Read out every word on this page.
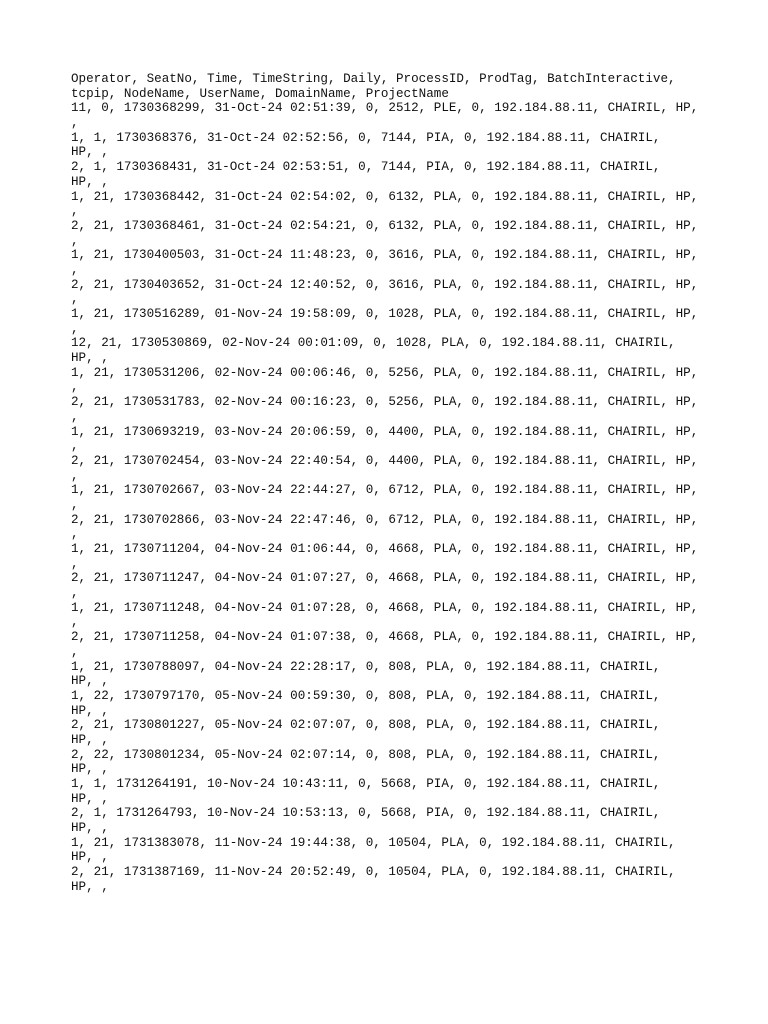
Operator, SeatNo, Time, TimeString, Daily, ProcessID, ProdTag, BatchInteractive,
tcpip, NodeName, UserName, DomainName, ProjectName
11, 0, 1730368299, 31-Oct-24 02:51:39, 0, 2512, PLE, 0, 192.184.88.11, CHAIRIL, HP,
,
1, 1, 1730368376, 31-Oct-24 02:52:56, 0, 7144, PIA, 0, 192.184.88.11, CHAIRIL,
HP, ,
2, 1, 1730368431, 31-Oct-24 02:53:51, 0, 7144, PIA, 0, 192.184.88.11, CHAIRIL,
HP, ,
1, 21, 1730368442, 31-Oct-24 02:54:02, 0, 6132, PLA, 0, 192.184.88.11, CHAIRIL, HP,
,
2, 21, 1730368461, 31-Oct-24 02:54:21, 0, 6132, PLA, 0, 192.184.88.11, CHAIRIL, HP,
,
1, 21, 1730400503, 31-Oct-24 11:48:23, 0, 3616, PLA, 0, 192.184.88.11, CHAIRIL, HP,
,
2, 21, 1730403652, 31-Oct-24 12:40:52, 0, 3616, PLA, 0, 192.184.88.11, CHAIRIL, HP,
,
1, 21, 1730516289, 01-Nov-24 19:58:09, 0, 1028, PLA, 0, 192.184.88.11, CHAIRIL, HP,
,
12, 21, 1730530869, 02-Nov-24 00:01:09, 0, 1028, PLA, 0, 192.184.88.11, CHAIRIL,
HP, ,
1, 21, 1730531206, 02-Nov-24 00:06:46, 0, 5256, PLA, 0, 192.184.88.11, CHAIRIL, HP,
,
2, 21, 1730531783, 02-Nov-24 00:16:23, 0, 5256, PLA, 0, 192.184.88.11, CHAIRIL, HP,
,
1, 21, 1730693219, 03-Nov-24 20:06:59, 0, 4400, PLA, 0, 192.184.88.11, CHAIRIL, HP,
,
2, 21, 1730702454, 03-Nov-24 22:40:54, 0, 4400, PLA, 0, 192.184.88.11, CHAIRIL, HP,
,
1, 21, 1730702667, 03-Nov-24 22:44:27, 0, 6712, PLA, 0, 192.184.88.11, CHAIRIL, HP,
,
2, 21, 1730702866, 03-Nov-24 22:47:46, 0, 6712, PLA, 0, 192.184.88.11, CHAIRIL, HP,
,
1, 21, 1730711204, 04-Nov-24 01:06:44, 0, 4668, PLA, 0, 192.184.88.11, CHAIRIL, HP,
,
2, 21, 1730711247, 04-Nov-24 01:07:27, 0, 4668, PLA, 0, 192.184.88.11, CHAIRIL, HP,
,
1, 21, 1730711248, 04-Nov-24 01:07:28, 0, 4668, PLA, 0, 192.184.88.11, CHAIRIL, HP,
,
2, 21, 1730711258, 04-Nov-24 01:07:38, 0, 4668, PLA, 0, 192.184.88.11, CHAIRIL, HP,
,
1, 21, 1730788097, 04-Nov-24 22:28:17, 0, 808, PLA, 0, 192.184.88.11, CHAIRIL,
HP, ,
1, 22, 1730797170, 05-Nov-24 00:59:30, 0, 808, PLA, 0, 192.184.88.11, CHAIRIL,
HP, ,
2, 21, 1730801227, 05-Nov-24 02:07:07, 0, 808, PLA, 0, 192.184.88.11, CHAIRIL,
HP, ,
2, 22, 1730801234, 05-Nov-24 02:07:14, 0, 808, PLA, 0, 192.184.88.11, CHAIRIL,
HP, ,
1, 1, 1731264191, 10-Nov-24 10:43:11, 0, 5668, PIA, 0, 192.184.88.11, CHAIRIL,
HP, ,
2, 1, 1731264793, 10-Nov-24 10:53:13, 0, 5668, PIA, 0, 192.184.88.11, CHAIRIL,
HP, ,
1, 21, 1731383078, 11-Nov-24 19:44:38, 0, 10504, PLA, 0, 192.184.88.11, CHAIRIL,
HP, ,
2, 21, 1731387169, 11-Nov-24 20:52:49, 0, 10504, PLA, 0, 192.184.88.11, CHAIRIL,
HP, ,
